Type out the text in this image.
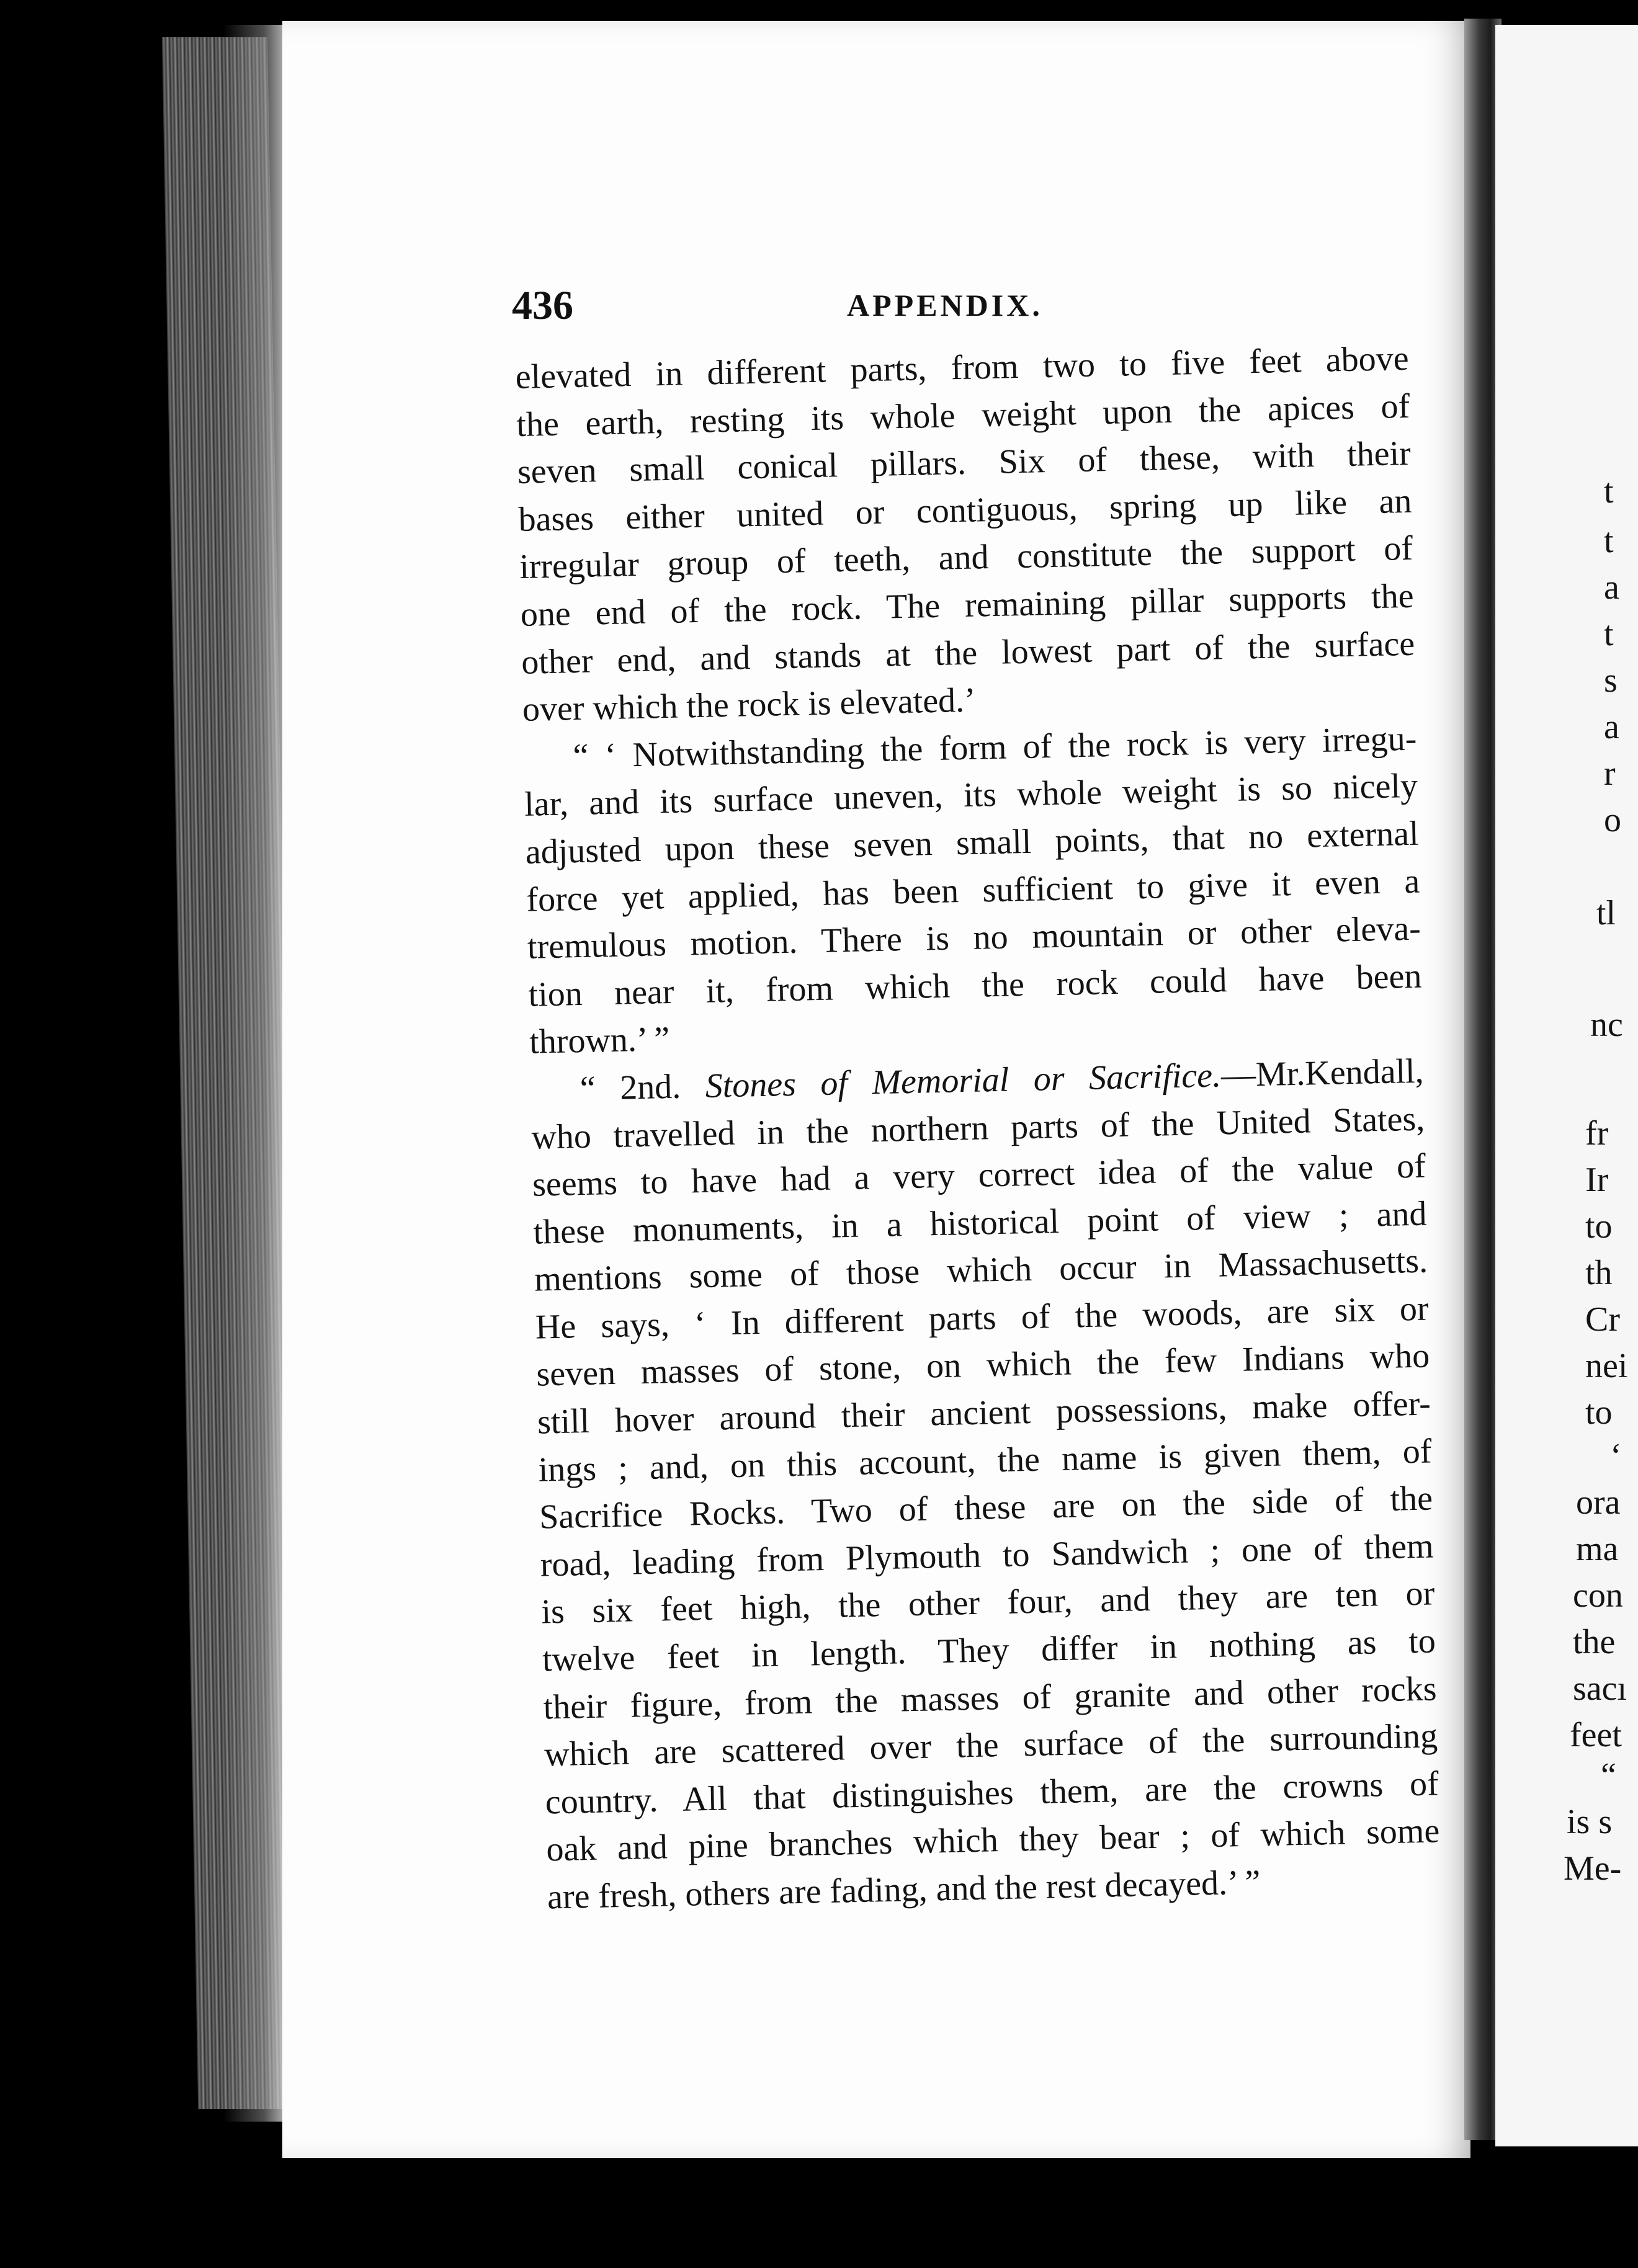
436	APPENDIX.
elevated in different parts, from two to five feet above
the earth, resting its whole weight upon the apices of
seven small conical pillars. Six of these, with their
bases either united or contiguous, spring up like an
irregular group of teeth, and constitute the support of
one end of the rock. The remaining pillar supports the
other end, and stands at the lowest part of the surface
over which the rock is elevated.’
“ ‘ Notwithstanding the form of the rock is very irregu-
lar, and its surface uneven, its whole weight is so nicely
adjusted upon these seven small points, that no external
force yet applied, has been sufficient to give it even a
tremulous motion. There is no mountain or other eleva-
tion near it, from which the rock could have been
thrown.’ ”
“ 2nd. Stones of Memorial or Sacrifice.—Mr.Kendall,
who travelled in the northern parts of the United States,
seems to have had a very correct idea of the value of
these monuments, in a historical point of view ; and
mentions some of those which occur in Massachusetts.
He says, ‘ In different parts of the woods, are six or
seven masses of stone, on which the few Indians who
still hover around their ancient possessions, make offer-
ings ; and, on this account, the name is given them, of
Sacrifice Rocks. Two of these are on the side of the
road, leading from Plymouth to Sandwich ; one of them
is six feet high, the other four, and they are ten or
twelve feet in length. They differ in nothing as to
their figure, from the masses of granite and other rocks
which are scattered over the surface of the surrounding
country. All that distinguishes them, are the crowns of
oak and pine branches which they bear ; of which some
are fresh, others are fading, and the rest decayed.’ ”
t
t
a
t
s
a
r
o
tl
nc
fr
Ir
to
th
Cr
nei
to
‘
ora
ma
con
the
sacı
feet
“
is s
Me-
